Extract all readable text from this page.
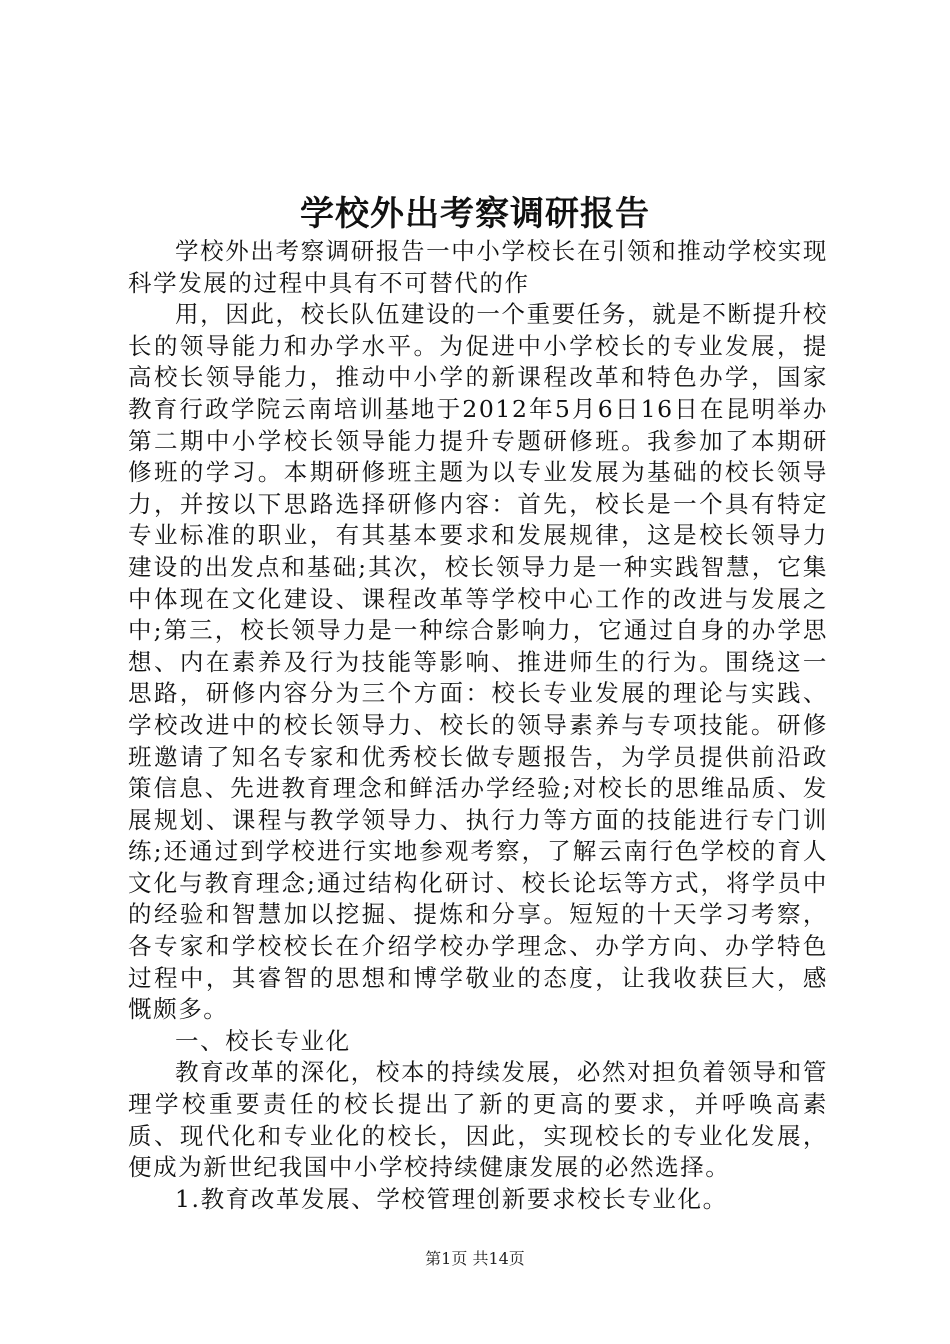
学校外出考察调研报告

学校外出考察调研报告一中小学校长在引领和推动学校实现科学发展的过程中具有不可替代的作

用，因此，校长队伍建设的一个重要任务，就是不断提升校长的领导能力和办学水平。为促进中小学校长的专业发展，提高校长领导能力，推动中小学的新课程改革和特色办学，国家教育行政学院云南培训基地于2012年5月6日16日在昆明举办第二期中小学校长领导能力提升专题研修班。我参加了本期研修班的学习。本期研修班主题为以专业发展为基础的校长领导力，并按以下思路选择研修内容：首先，校长是一个具有特定专业标准的职业，有其基本要求和发展规律，这是校长领导力建设的出发点和基础;其次，校长领导力是一种实践智慧，它集中体现在文化建设、课程改革等学校中心工作的改进与发展之中;第三，校长领导力是一种综合影响力，它通过自身的办学思想、内在素养及行为技能等影响、推进师生的行为。围绕这一思路，研修内容分为三个方面：校长专业发展的理论与实践、学校改进中的校长领导力、校长的领导素养与专项技能。研修班邀请了知名专家和优秀校长做专题报告，为学员提供前沿政策信息、先进教育理念和鲜活办学经验;对校长的思维品质、发展规划、课程与教学领导力、执行力等方面的技能进行专门训练;还通过到学校进行实地参观考察，了解云南行色学校的育人文化与教育理念;通过结构化研讨、校长论坛等方式，将学员中的经验和智慧加以挖掘、提炼和分享。短短的十天学习考察，各专家和学校校长在介绍学校办学理念、办学方向、办学特色过程中，其睿智的思想和博学敬业的态度，让我收获巨大，感慨颇多。

一、校长专业化

教育改革的深化，校本的持续发展，必然对担负着领导和管理学校重要责任的校长提出了新的更高的要求，并呼唤高素质、现代化和专业化的校长，因此，实现校长的专业化发展，便成为新世纪我国中小学校持续健康发展的必然选择。

1.教育改革发展、学校管理创新要求校长专业化。

第1页 共14页
